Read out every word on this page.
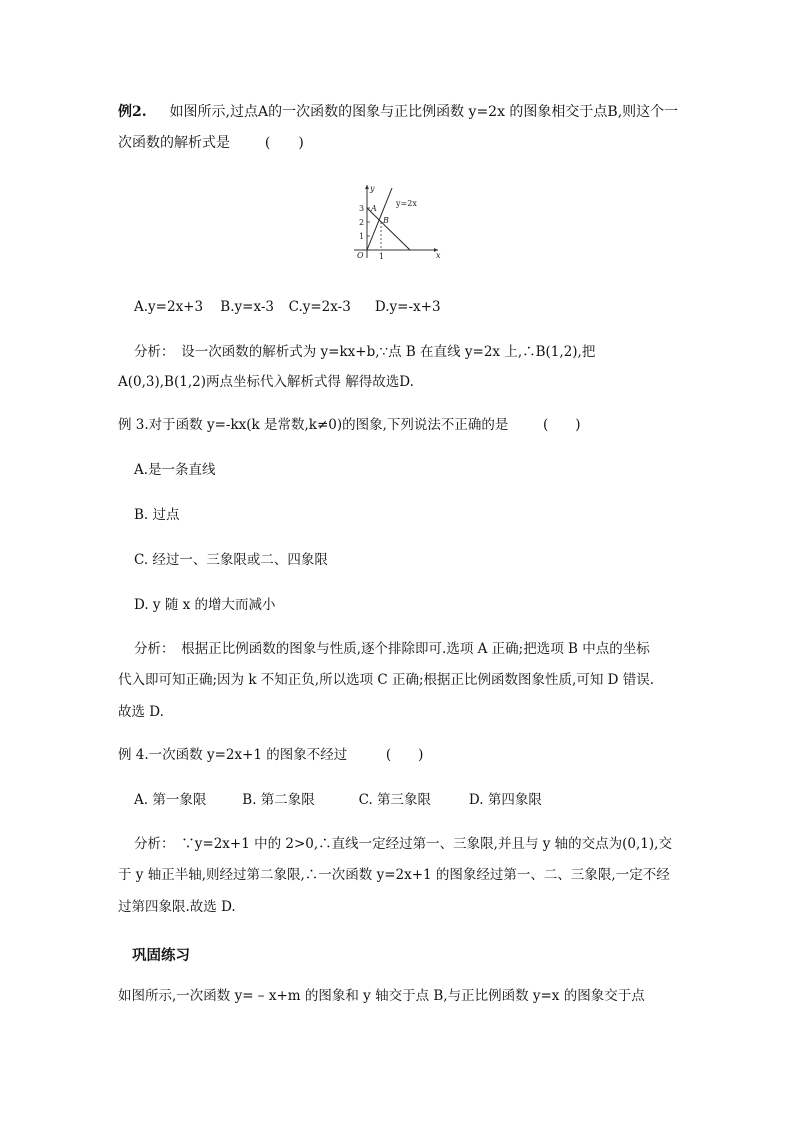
例2. 如图所示,过点A的一次函数的图象与正比例函数 y=2x 的图象相交于点B,则这个一
次函数的解析式是 (　　)
y
x
O
A
B
y=2x
3
2
1
1
A.y=2x+3 B.y=x-3 C.y=2x-3 D.y=-x+3
分析：　设一次函数的解析式为 y=kx+b,∵点 B 在直线 y=2x 上,∴B(1,2),把
A(0,3),B(1,2)两点坐标代入解析式得 解得故选D.
例 3.对于函数 y=-kx(k 是常数,k≠0)的图象,下列说法不正确的是	(　　)
A.是一条直线
B. 过点
C. 经过一、三象限或二、四象限
D. y 随 x 的增大而减小
分析：　根据正比例函数的图象与性质,逐个排除即可.选项 A 正确;把选项 B 中点的坐标
代入即可知正确;因为 k 不知正负,所以选项 C 正确;根据正比例函数图象性质,可知 D 错误.
故选 D.
例 4.一次函数 y=2x+1 的图象不经过	(　　)
A. 第一象限	B. 第二象限	C. 第三象限	D. 第四象限
分析：　∵y=2x+1 中的 2>0,∴直线一定经过第一、三象限,并且与 y 轴的交点为(0,1),交
于 y 轴正半轴,则经过第二象限,∴一次函数 y=2x+1 的图象经过第一、二、三象限,一定不经
过第四象限.故选 D.
巩固练习
如图所示,一次函数 y= – x+m 的图象和 y 轴交于点 B,与正比例函数 y=x 的图象交于点
